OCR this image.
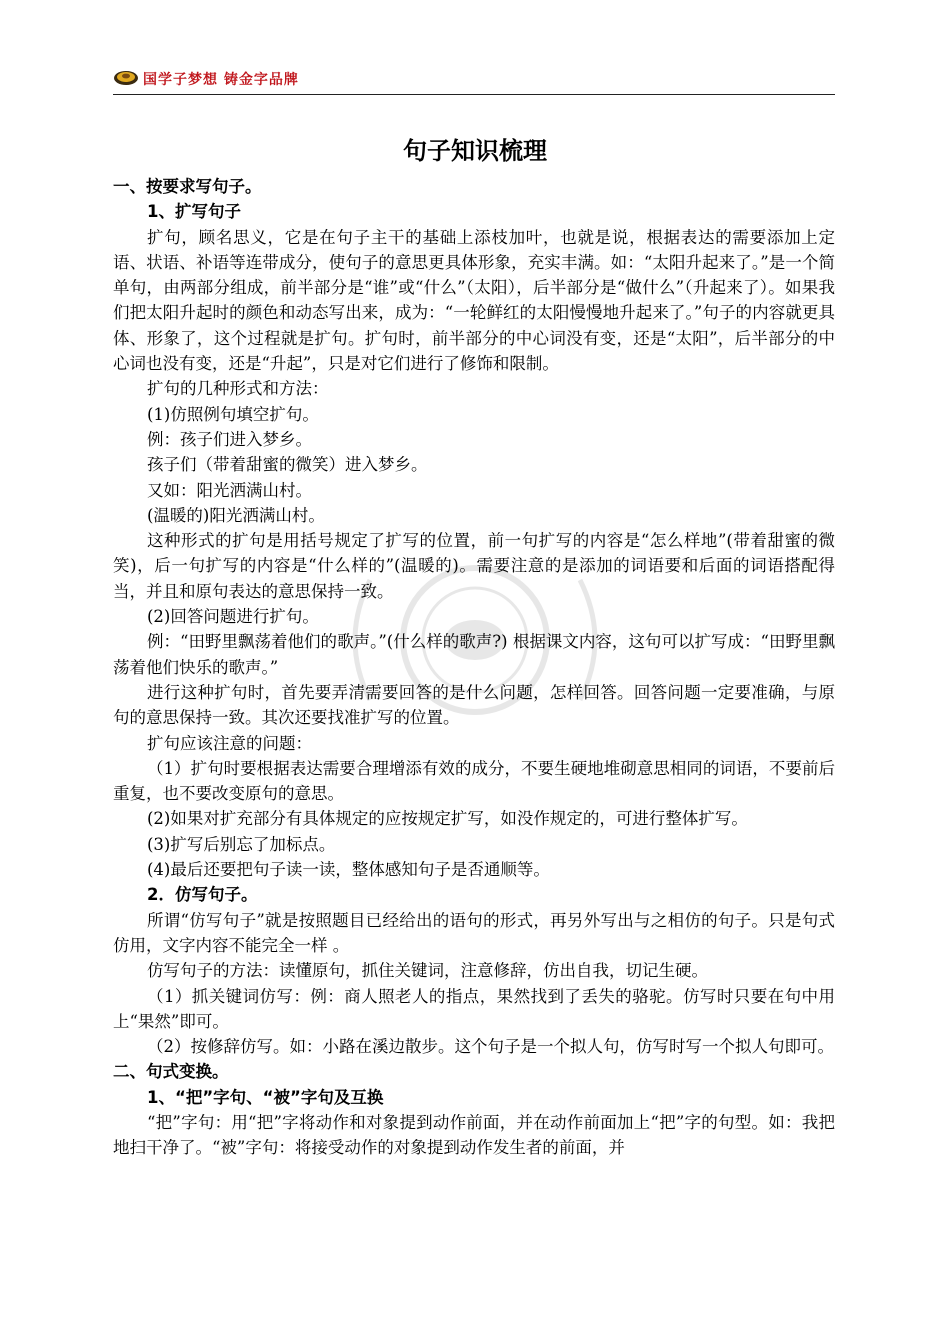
国学子梦想 铸金字品牌
句子知识梳理

一、按要求写句子。

1、扩写句子

扩句，顾名思义，它是在句子主干的基础上添枝加叶，也就是说，根据表达的需要添加上定语、状语、补语等连带成分，使句子的意思更具体形象，充实丰满。如：“太阳升起来了。”是一个简单句，由两部分组成，前半部分是“谁”或“什么”（太阳），后半部分是“做什么”（升起来了）。如果我们把太阳升起时的颜色和动态写出来，成为：“一轮鲜红的太阳慢慢地升起来了。”句子的内容就更具体、形象了，这个过程就是扩句。扩句时，前半部分的中心词没有变，还是“太阳”，后半部分的中心词也没有变，还是“升起”，只是对它们进行了修饰和限制。

扩句的几种形式和方法：

(1)仿照例句填空扩句。

例：孩子们进入梦乡。

孩子们（带着甜蜜的微笑）进入梦乡。

又如：阳光洒满山村。

(温暖的)阳光洒满山村。

这种形式的扩句是用括号规定了扩写的位置，前一句扩写的内容是“怎么样地”(带着甜蜜的微笑)，后一句扩写的内容是“什么样的”(温暖的)。需要注意的是添加的词语要和后面的词语搭配得当，并且和原句表达的意思保持一致。

(2)回答问题进行扩句。

例：“田野里飘荡着他们的歌声。”(什么样的歌声?) 根据课文内容，这句可以扩写成：“田野里飘荡着他们快乐的歌声。”

进行这种扩句时，首先要弄清需要回答的是什么问题，怎样回答。回答问题一定要准确，与原句的意思保持一致。其次还要找准扩写的位置。

扩句应该注意的问题：

（1）扩句时要根据表达需要合理增添有效的成分，不要生硬地堆砌意思相同的词语，不要前后重复，也不要改变原句的意思。

(2)如果对扩充部分有具体规定的应按规定扩写，如没作规定的，可进行整体扩写。

(3)扩写后别忘了加标点。

(4)最后还要把句子读一读，整体感知句子是否通顺等。

2．仿写句子。

所谓“仿写句子”就是按照题目已经给出的语句的形式，再另外写出与之相仿的句子。只是句式仿用，文字内容不能完全一样 。

仿写句子的方法：读懂原句，抓住关键词，注意修辞，仿出自我，切记生硬。

（1）抓关键词仿写：例：商人照老人的指点，果然找到了丢失的骆驼。仿写时只要在句中用上“果然”即可。

（2）按修辞仿写。如：小路在溪边散步。这个句子是一个拟人句，仿写时写一个拟人句即可。

二、句式变换。

1、“把”字句、“被”字句及互换

“把”字句：用“把”字将动作和对象提到动作前面，并在动作前面加上“把”字的句型。如：我把地扫干净了。“被”字句：将接受动作的对象提到动作发生者的前面，并
